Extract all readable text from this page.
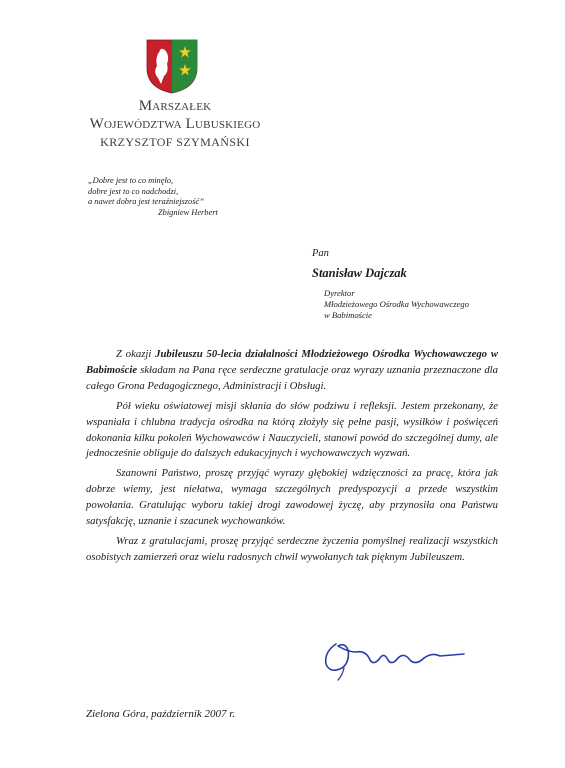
Marszałek
Województwa Lubuskiego
KRZYSZTOF SZYMAŃSKI
„Dobre jest to co minęło,
dobre jest to co nadchodzi,
a nawet dobra jest teraźniejszość”
Zbigniew Herbert
Pan
Stanisław Dajczak
Dyrektor
Młodzieżowego Ośrodka Wychowawczego
w Babimoście

Z okazji Jubileuszu 50-lecia działalności Młodzieżowego Ośrodka Wychowawczego w Babimoście składam na Pana ręce serdeczne gratulacje oraz wyrazy uznania przeznaczone dla całego Grona Pedagogicznego, Administracji i Obsługi.

Pół wieku oświatowej misji skłania do słów podziwu i refleksji. Jestem przekonany, że wspaniała i chlubna tradycja ośrodka na którą złożyły się pełne pasji, wysiłków i poświęceń dokonania kilku pokoleń Wychowawców i Nauczycieli, stanowi powód do szczególnej dumy, ale jednocześnie obliguje do dalszych edukacyjnych i wychowawczych wyzwań.

Szanowni Państwo, proszę przyjąć wyrazy głębokiej wdzięczności za pracę, która jak dobrze wiemy, jest niełatwa, wymaga szczególnych predyspozycji a przede wszystkim powołania. Gratulując wyboru takiej drogi zawodowej życzę, aby przynosiła ona Państwu satysfakcję, uznanie i szacunek wychowanków.

Wraz z gratulacjami, proszę przyjąć serdeczne życzenia pomyślnej realizacji wszystkich osobistych zamierzeń oraz wielu radosnych chwil wywołanych tak pięknym Jubileuszem.

Zielona Góra, październik 2007 r.
